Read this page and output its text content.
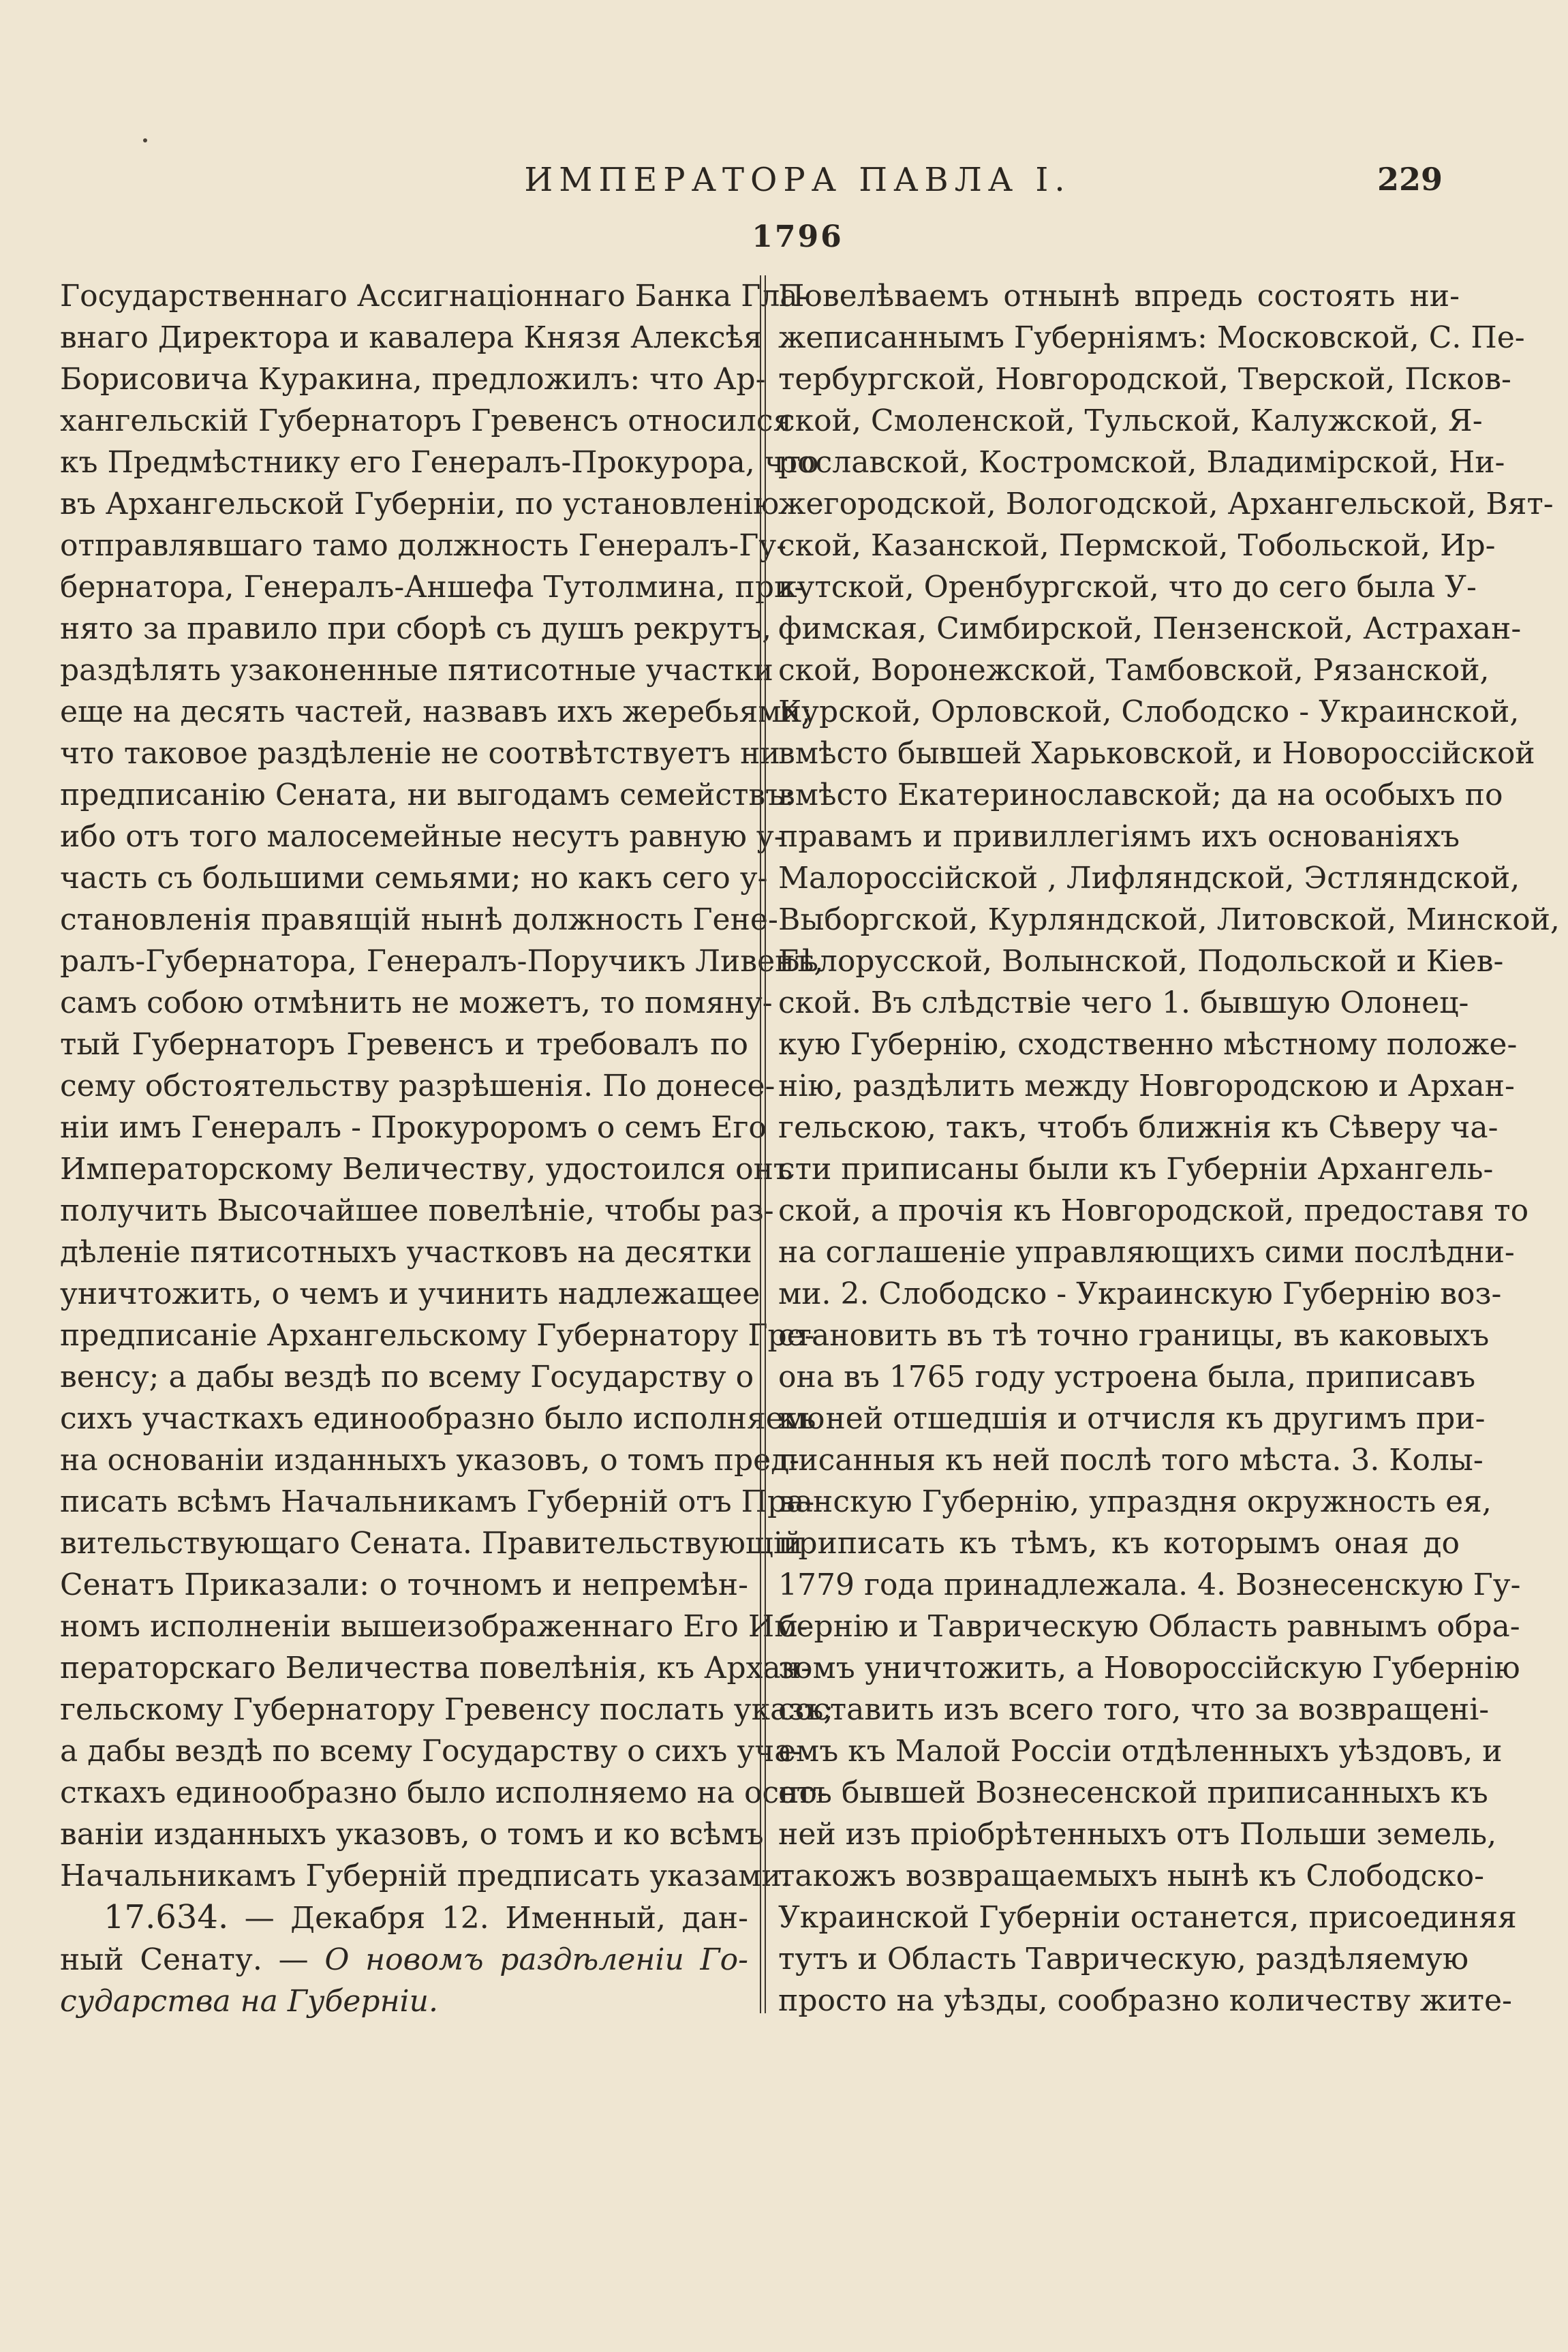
ИМПЕРАТОРА ПАВЛА I.	229
1796
Государственнаго Ассигнаціоннаго Банка Гла-
внаго Директора и кавалера Князя Алексѣя
Борисовича Куракина, предложилъ: что Ар-
хангельскій Губернаторъ Гревенсъ относился
къ Предмѣстнику его Генералъ-Прокурора, что
въ Архангельской Губерніи, по установленію
отправлявшаго тамо должность Генералъ-Гу-
бернатора, Генералъ-Аншефа Тутолмина, при-
нято за правило при сборѣ съ душъ рекрутъ,
раздѣлять узаконенные пятисотные участки
еще на десять частей, назвавъ ихъ жеребьями;
что таковое раздѣленіе не соотвѣтствуетъ ни
предписанію Сената, ни выгодамъ семействъ:
ибо отъ того малосемейные несутъ равную у-
часть съ большими семьями; но какъ сего у-
становленія правящій нынѣ должность Гене-
ралъ-Губернатора, Генералъ-Поручикъ Ливенъ,
самъ собою отмѣнить не можетъ, то помяну-
тый Губернаторъ Гревенсъ и требовалъ по
сему обстоятельству разрѣшенія. По донесе-
ніи имъ Генералъ - Прокуроромъ о семъ Его
Императорскому Величеству, удостоился онъ
получить Высочайшее повелѣніе, чтобы раз-
дѣленіе пятисотныхъ участковъ на десятки
уничтожить, о чемъ и учинить надлежащее
предписаніе Архангельскому Губернатору Гре-
венсу; а дабы вездѣ по всему Государству о
сихъ участкахъ единообразно было исполняемо
на основаніи изданныхъ указовъ, о томъ пред-
писать всѣмъ Начальникамъ Губерній отъ Пра-
вительствующаго Сената. Правительствующій
Сенатъ Приказали: о точномъ и непремѣн-
номъ исполненіи вышеизображеннаго Его Им-
ператорскаго Величества повелѣнія, къ Архан-
гельскому Губернатору Гревенсу послать указъ;
а дабы вездѣ по всему Государству о сихъ уча-
сткахъ единообразно было исполняемо на осно-
ваніи изданныхъ указовъ, о томъ и ко всѣмъ
Начальникамъ Губерній предписать указами.
17.634. — Декабря 12. Именный, дан-
ный Сенату. — О новомъ раздѣленіи Го-
сударства на Губерніи.
Повелѣваемъ отнынѣ впредь состоять ни-
жеписаннымъ Губерніямъ: Московской, С. Пе-
тербургской, Новгородской, Тверской, Псков-
ской, Смоленской, Тульской, Калужской, Я-
рославской, Костромской, Владимірской, Ни-
жегородской, Вологодской, Архангельской, Вят-
ской, Казанской, Пермской, Тобольской, Ир-
кутской, Оренбургской, что до сего была У-
фимская, Симбирской, Пензенской, Астрахан-
ской, Воронежской, Тамбовской, Рязанской,
Курской, Орловской, Слободско - Украинской,
вмѣсто бывшей Харьковской, и Новороссійской
вмѣсто Екатеринославской; да на особыхъ по
правамъ и привиллегіямъ ихъ основаніяхъ
Малороссійской , Лифляндской, Эстляндской,
Выборгской, Курляндской, Литовской, Минской,
Бѣлорусской, Волынской, Подольской и Кіев-
ской. Въ слѣдствіе чего 1. бывшую Олонец-
кую Губернію, сходственно мѣстному положе-
нію, раздѣлить между Новгородскою и Архан-
гельскою, такъ, чтобъ ближнія къ Сѣверу ча-
сти приписаны были къ Губерніи Архангель-
ской, а прочія къ Новгородской, предоставя то
на соглашеніе управляющихъ сими послѣдни-
ми. 2. Слободско - Украинскую Губернію воз-
становить въ тѣ точно границы, въ каковыхъ
она въ 1765 году устроена была, приписавъ
къ ней отшедшія и отчисля къ другимъ при-
писанныя къ ней послѣ того мѣста. 3. Колы-
ванскую Губернію, упраздня окружность ея,
приписать къ тѣмъ, къ которымъ оная до
1779 года принадлежала. 4. Вознесенскую Гу-
бернію и Таврическую Область равнымъ обра-
зомъ уничтожить, а Новороссійскую Губернію
составить изъ всего того, что за возвращені-
емъ къ Малой Россіи отдѣленныхъ уѣздовъ, и
отъ бывшей Вознесенской приписанныхъ къ
ней изъ пріобрѣтенныхъ отъ Польши земель,
такожъ возвращаемыхъ нынѣ къ Слободско-
Украинской Губерніи останется, присоединяя
тутъ и Область Таврическую, раздѣляемую
просто на уѣзды, сообразно количеству жите-
